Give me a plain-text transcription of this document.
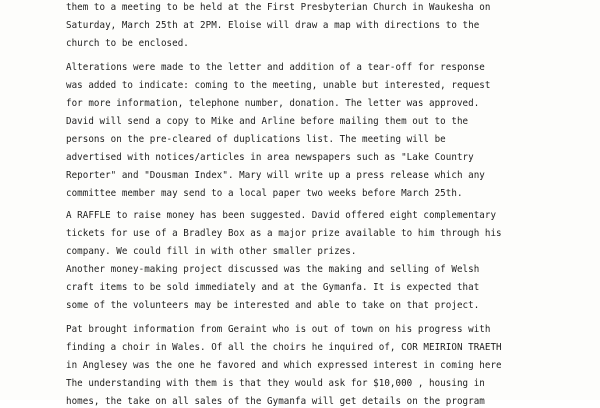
them to a meeting to be held at the First Presbyterian Church in Waukesha on
Saturday, March 25th at 2PM. Eloise will draw a map with directions to the
church to be enclosed.
Alterations were made to the letter and addition of a tear-off for response
was added to indicate: coming to the meeting, unable but interested, request
for more information, telephone number, donation. The letter was approved.
David will send a copy to Mike and Arline before mailing them out to the
persons on the pre-cleared of duplications list. The meeting will be
advertised with notices/articles in area newspapers such as "Lake Country
Reporter" and "Dousman Index". Mary will write up a press release which any
committee member may send to a local paper two weeks before March 25th.
A RAFFLE to raise money has been suggested. David offered eight complementary
tickets for use of a Bradley Box as a major prize available to him through his
company. We could fill in with other smaller prizes.
Another money-making project discussed was the making and selling of Welsh
craft items to be sold immediately and at the Gymanfa. It is expected that
some of the volunteers may be interested and able to take on that project.
Pat brought information from Geraint who is out of town on his progress with
finding a choir in Wales. Of all the choirs he inquired of, COR MEIRION TRAETH
in Anglesey was the one he favored and which expressed interest in coming here
The understanding with them is that they would ask for $10,000 , housing in
homes, the take on all sales of the Gymanfa will get details on the program
